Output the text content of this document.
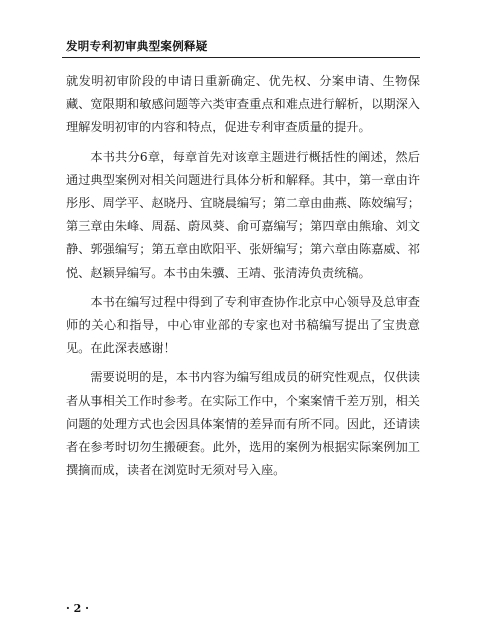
发明专利初审典型案例释疑

就发明初审阶段的申请日重新确定、优先权、分案申请、生物保藏、宽限期和敏感问题等六类审查重点和难点进行解析，以期深入理解发明初审的内容和特点，促进专利审查质量的提升。

本书共分6章，每章首先对该章主题进行概括性的阐述，然后通过典型案例对相关问题进行具体分析和解释。其中，第一章由许彤彤、周学平、赵晓丹、宜晓晨编写；第二章由曲燕、陈姣编写；第三章由朱峰、周磊、蔚凤葵、俞可嘉编写；第四章由熊瑜、刘文静、郭强编写；第五章由欧阳平、张妍编写；第六章由陈嘉威、祁悦、赵颖异编写。本书由朱骥、王靖、张清涛负责统稿。

本书在编写过程中得到了专利审查协作北京中心领导及总审查师的关心和指导，中心审业部的专家也对书稿编写提出了宝贵意见。在此深表感谢！

需要说明的是，本书内容为编写组成员的研究性观点，仅供读者从事相关工作时参考。在实际工作中，个案案情千差万别，相关问题的处理方式也会因具体案情的差异而有所不同。因此，还请读者在参考时切勿生搬硬套。此外，选用的案例为根据实际案例加工撰摘而成，读者在浏览时无须对号入座。

· 2 ·
